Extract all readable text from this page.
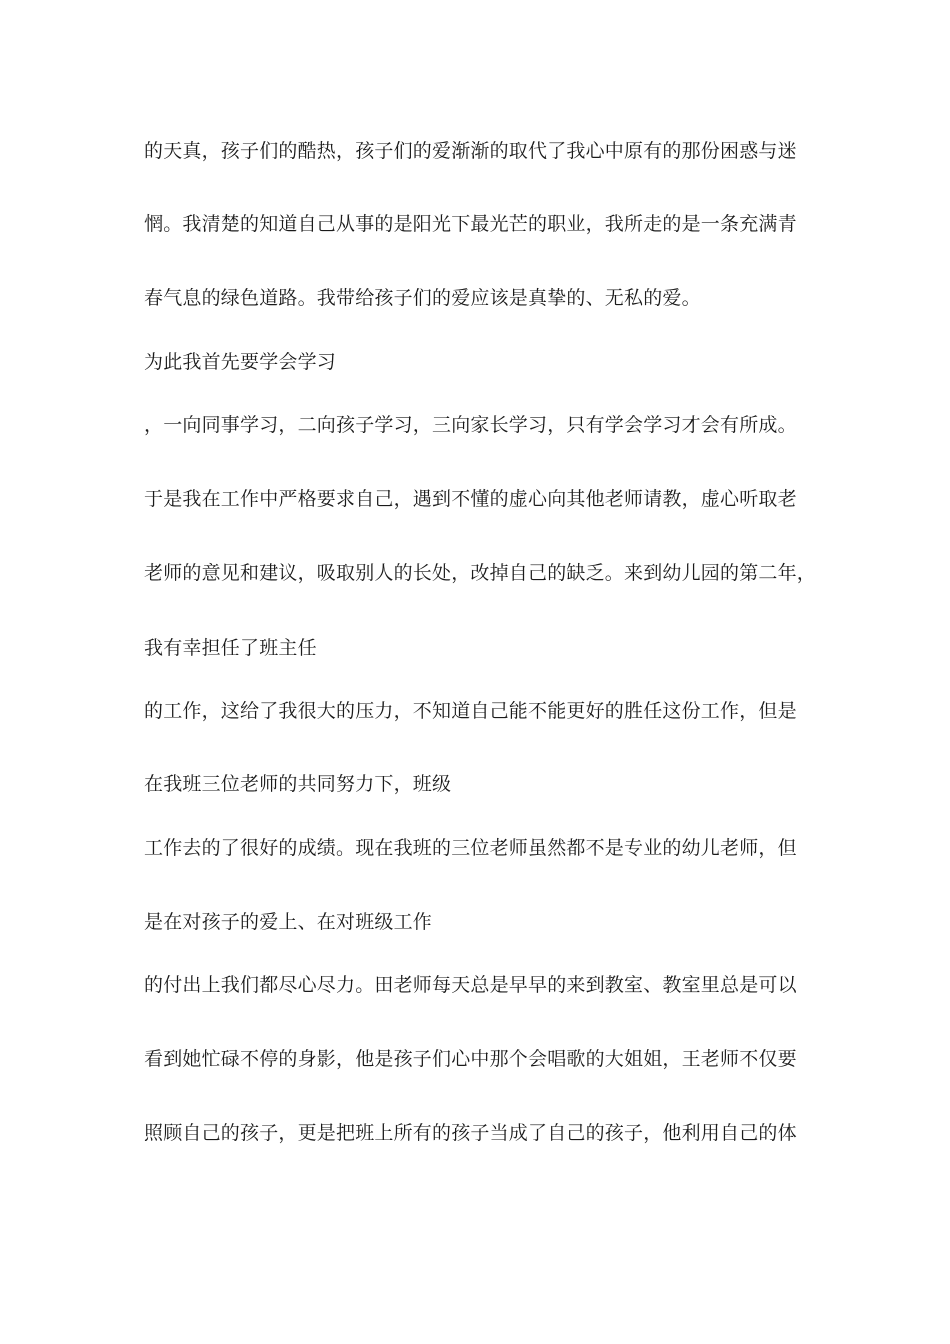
的天真，孩子们的酷热，孩子们的爱渐渐的取代了我心中原有的那份困惑与迷
惘。我清楚的知道自己从事的是阳光下最光芒的职业，我所走的是一条充满青
春气息的绿色道路。我带给孩子们的爱应该是真挚的、无私的爱。
为此我首先要学会学习
，一向同事学习，二向孩子学习，三向家长学习，只有学会学习才会有所成。
于是我在工作中严格要求自己，遇到不懂的虚心向其他老师请教，虚心听取老
老师的意见和建议，吸取别人的长处，改掉自己的缺乏。来到幼儿园的第二年，
我有幸担任了班主任
的工作，这给了我很大的压力，不知道自己能不能更好的胜任这份工作，但是
在我班三位老师的共同努力下，班级
工作去的了很好的成绩。现在我班的三位老师虽然都不是专业的幼儿老师，但
是在对孩子的爱上、在对班级工作
的付出上我们都尽心尽力。田老师每天总是早早的来到教室、教室里总是可以
看到她忙碌不停的身影，他是孩子们心中那个会唱歌的大姐姐，王老师不仅要
照顾自己的孩子，更是把班上所有的孩子当成了自己的孩子，他利用自己的体
